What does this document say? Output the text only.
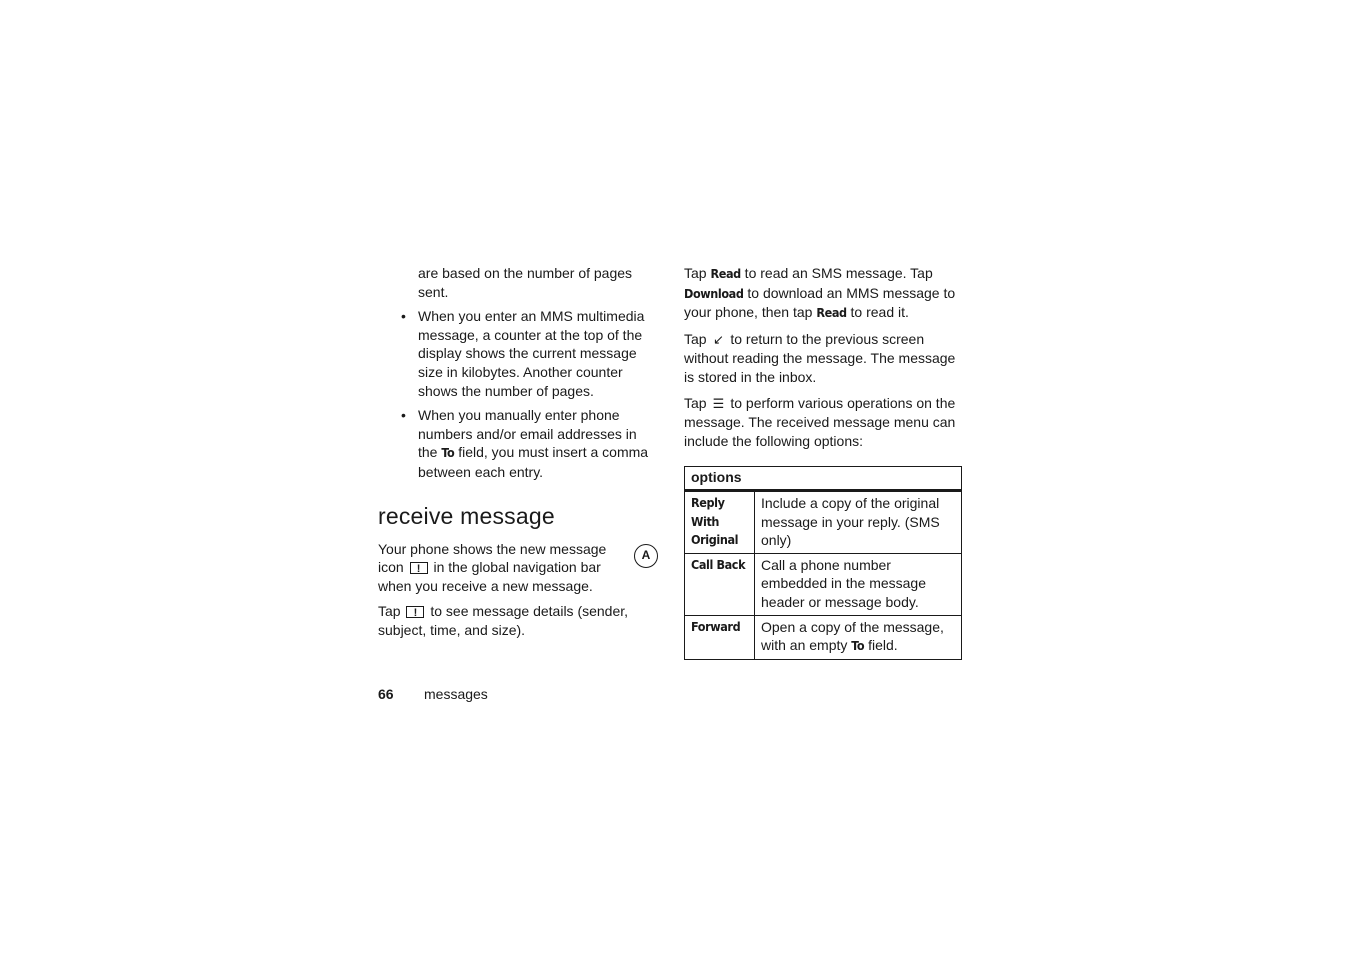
are based on the number of pages sent.

• When you enter an MMS multimedia message, a counter at the top of the display shows the current message size in kilobytes. Another counter shows the number of pages.
• When you manually enter phone numbers and/or email addresses in the To field, you must insert a comma between each entry.
receive message
A

Your phone shows the new message icon ! in the global navigation bar when you receive a new message.

Tap ! to see message details (sender, subject, time, and size).

Tap Read to read an SMS message. Tap Download to download an MMS message to your phone, then tap Read to read it.

Tap ↙ to return to the previous screen without reading the message. The message is stored in the inbox.

Tap ☰ to perform various operations on the message. The received message menu can include the following options:

options	
Reply With Original	Include a copy of the original message in your reply. (SMS only)
Call Back	Call a phone number embedded in the message header or message body.
Forward	Open a copy of the message, with an empty To field.
66 messages
